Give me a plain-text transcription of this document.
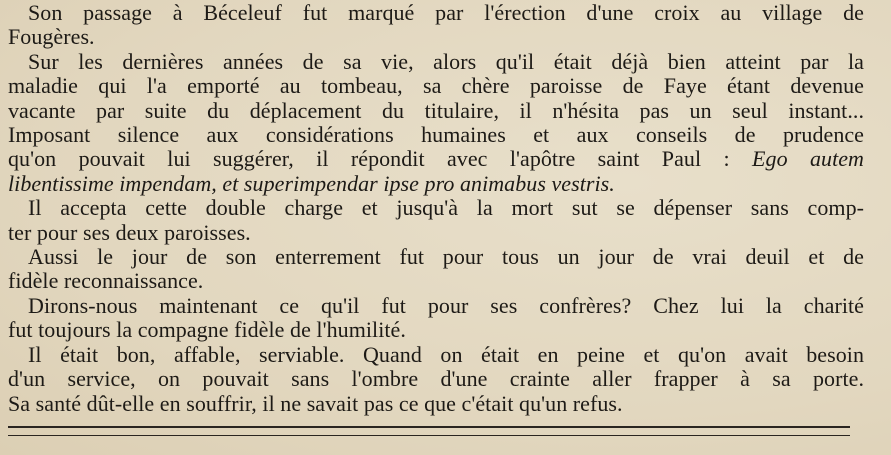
Son passage à Béceleuf fut marqué par l'érection d'une croix au village de
Fougères.
Sur les dernières années de sa vie, alors qu'il était déjà bien atteint par la
maladie qui l'a emporté au tombeau, sa chère paroisse de Faye étant devenue
vacante par suite du déplacement du titulaire, il n'hésita pas un seul instant...
Imposant silence aux considérations humaines et aux conseils de prudence
qu'on pouvait lui suggérer, il répondit avec l'apôtre saint Paul : Ego autem
libentissime impendam, et superimpendar ipse pro animabus vestris.
Il accepta cette double charge et jusqu'à la mort sut se dépenser sans comp-
ter pour ses deux paroisses.
Aussi le jour de son enterrement fut pour tous un jour de vrai deuil et de
fidèle reconnaissance.
Dirons-nous maintenant ce qu'il fut pour ses confrères? Chez lui la charité
fut toujours la compagne fidèle de l'humilité.
Il était bon, affable, serviable. Quand on était en peine et qu'on avait besoin
d'un service, on pouvait sans l'ombre d'une crainte aller frapper à sa porte.
Sa santé dût-elle en souffrir, il ne savait pas ce que c'était qu'un refus.
